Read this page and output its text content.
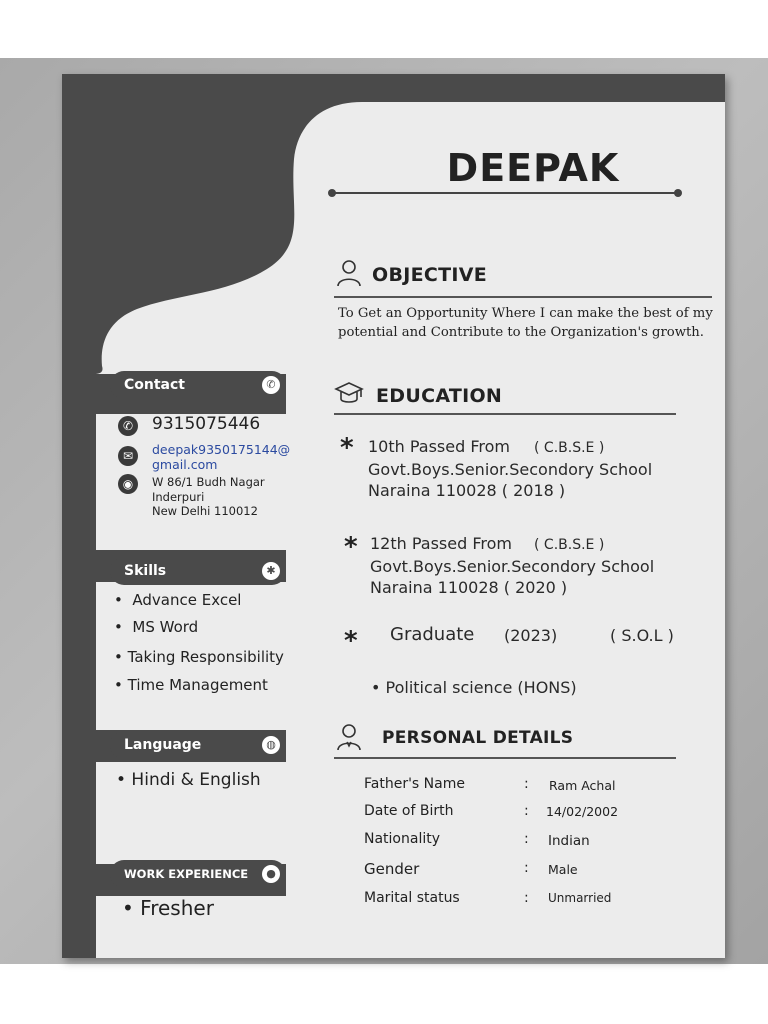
Contact	✆
Skills	✱
Language	◍
WORK EXPERIENCE	●
✆ 9315075446
✉	deepak9350175144@
gmail.com
◉	W 86/1 Budh Nagar
Inderpuri
New Delhi 110012
• Advance Excel
• MS Word
• Taking Responsibility
• Time Management
• Hindi & English
• Fresher
DEEPAK
OBJECTIVE
To Get an Opportunity Where I can make the best of my potential and Contribute to the Organization's growth.
EDUCATION
* 10th Passed From ( C.B.S.E )
Govt.Boys.Senior.Secondory School
Naraina 110028 ( 2018 )
* 12th Passed From ( C.B.S.E )
Govt.Boys.Senior.Secondory School
Naraina 110028 ( 2020 )
* Graduate (2023)	( S.O.L )
• Political science (HONS)
PERSONAL DETAILS
Father's Name	: Ram Achal
Date of Birth	: 14/02/2002
Nationality	: Indian
Gender	: Male
Marital status	: Unmarried
